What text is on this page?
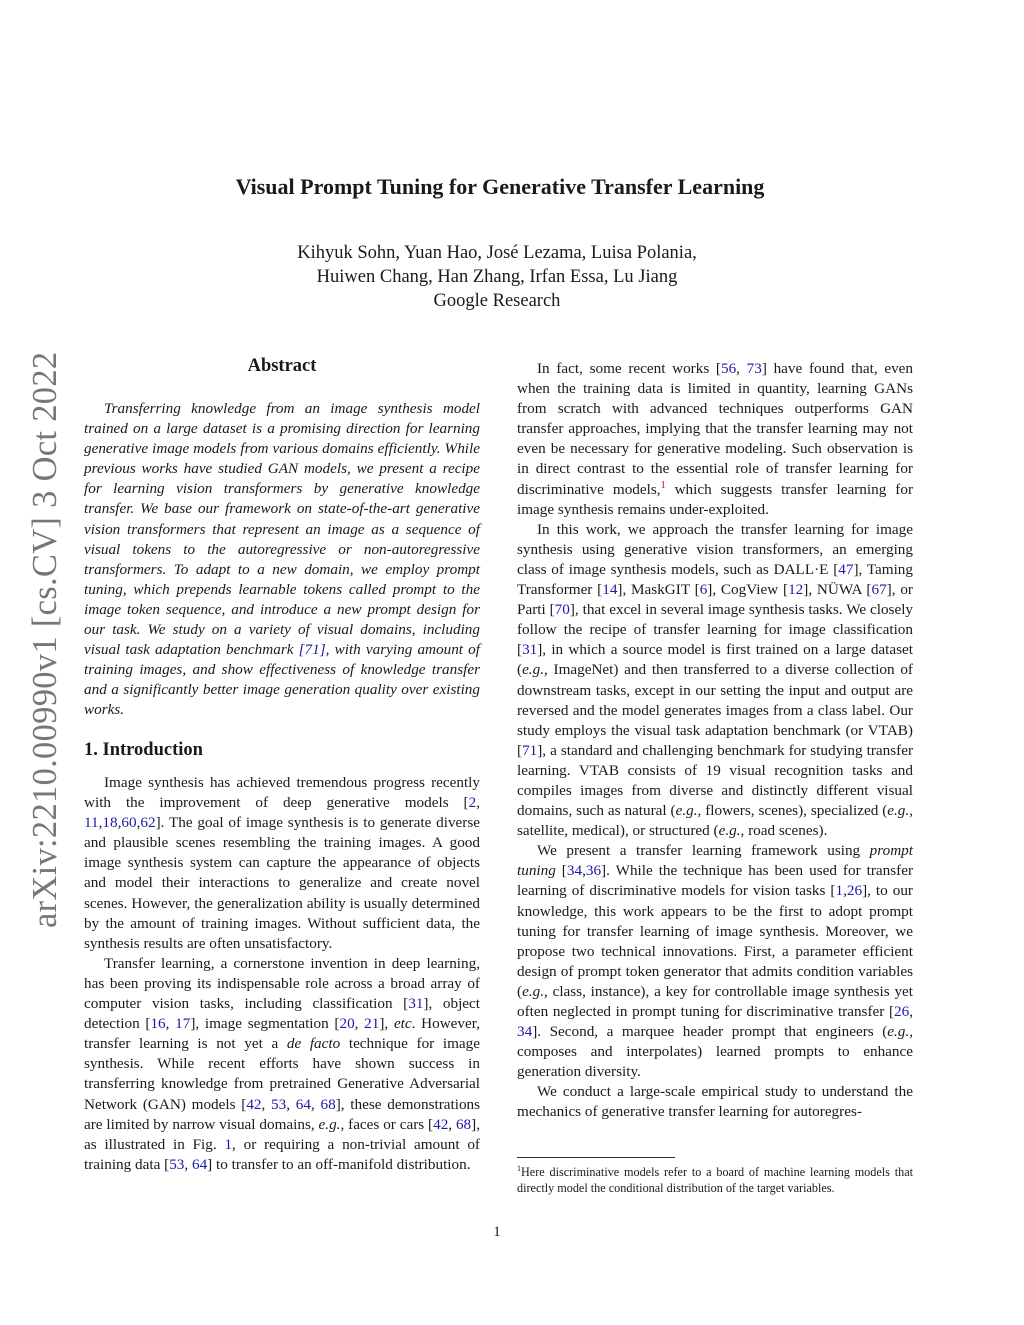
arXiv:2210.00990v1 [cs.CV] 3 Oct 2022
Visual Prompt Tuning for Generative Transfer Learning
Kihyuk Sohn, Yuan Hao, José Lezama, Luisa Polania,
Huiwen Chang, Han Zhang, Irfan Essa, Lu Jiang
Google Research
Abstract

Transferring knowledge from an image synthesis model trained on a large dataset is a promising direction for learning generative image models from various domains efficiently. While previous works have studied GAN models, we present a recipe for learning vision transformers by generative knowledge transfer. We base our framework on state-of-the-art generative vision transformers that represent an image as a sequence of visual tokens to the autoregressive or non-autoregressive transformers. To adapt to a new domain, we employ prompt tuning, which prepends learnable tokens called prompt to the image token sequence, and introduce a new prompt design for our task. We study on a variety of visual domains, including visual task adaptation benchmark [71], with varying amount of training images, and show effectiveness of knowledge transfer and a significantly better image generation quality over existing works.

1. Introduction

Image synthesis has achieved tremendous progress recently with the improvement of deep generative models [2, 11,18,60,62]. The goal of image synthesis is to generate diverse and plausible scenes resembling the training images. A good image synthesis system can capture the appearance of objects and model their interactions to generalize and create novel scenes. However, the generalization ability is usually determined by the amount of training images. Without sufficient data, the synthesis results are often unsatisfactory.

Transfer learning, a cornerstone invention in deep learning, has been proving its indispensable role across a broad array of computer vision tasks, including classification [31], object detection [16, 17], image segmentation [20, 21], etc. However, transfer learning is not yet a de facto technique for image synthesis. While recent efforts have shown success in transferring knowledge from pretrained Generative Adversarial Network (GAN) models [42, 53, 64, 68], these demonstrations are limited by narrow visual domains, e.g., faces or cars [42, 68], as illustrated in Fig. 1, or requiring a non-trivial amount of training data [53, 64] to transfer to an off-manifold distribution.

In fact, some recent works [56, 73] have found that, even when the training data is limited in quantity, learning GANs from scratch with advanced techniques outperforms GAN transfer approaches, implying that the transfer learning may not even be necessary for generative modeling. Such observation is in direct contrast to the essential role of transfer learning for discriminative models,$^1$ which suggests transfer learning for image synthesis remains under-exploited.

In this work, we approach the transfer learning for image synthesis using generative vision transformers, an emerging class of image synthesis models, such as DALL·E [47], Taming Transformer [14], MaskGIT [6], CogView [12], NÜWA [67], or Parti [70], that excel in several image synthesis tasks. We closely follow the recipe of transfer learning for image classification [31], in which a source model is first trained on a large dataset (e.g., ImageNet) and then transferred to a diverse collection of downstream tasks, except in our setting the input and output are reversed and the model generates images from a class label. Our study employs the visual task adaptation benchmark (or VTAB) [71], a standard and challenging benchmark for studying transfer learning. VTAB consists of 19 visual recognition tasks and compiles images from diverse and distinctly different visual domains, such as natural (e.g., flowers, scenes), specialized (e.g., satellite, medical), or structured (e.g., road scenes).

We present a transfer learning framework using prompt tuning [34,36]. While the technique has been used for transfer learning of discriminative models for vision tasks [1,26], to our knowledge, this work appears to be the first to adopt prompt tuning for transfer learning of image synthesis. Moreover, we propose two technical innovations. First, a parameter efficient design of prompt token generator that admits condition variables (e.g., class, instance), a key for controllable image synthesis yet often neglected in prompt tuning for discriminative transfer [26, 34]. Second, a marquee header prompt that engineers (e.g., composes and interpolates) learned prompts to enhance generation diversity.

We conduct a large-scale empirical study to understand the mechanics of generative transfer learning for autoregres-

$^1$Here discriminative models refer to a board of machine learning models that directly model the conditional distribution of the target variables.

1
